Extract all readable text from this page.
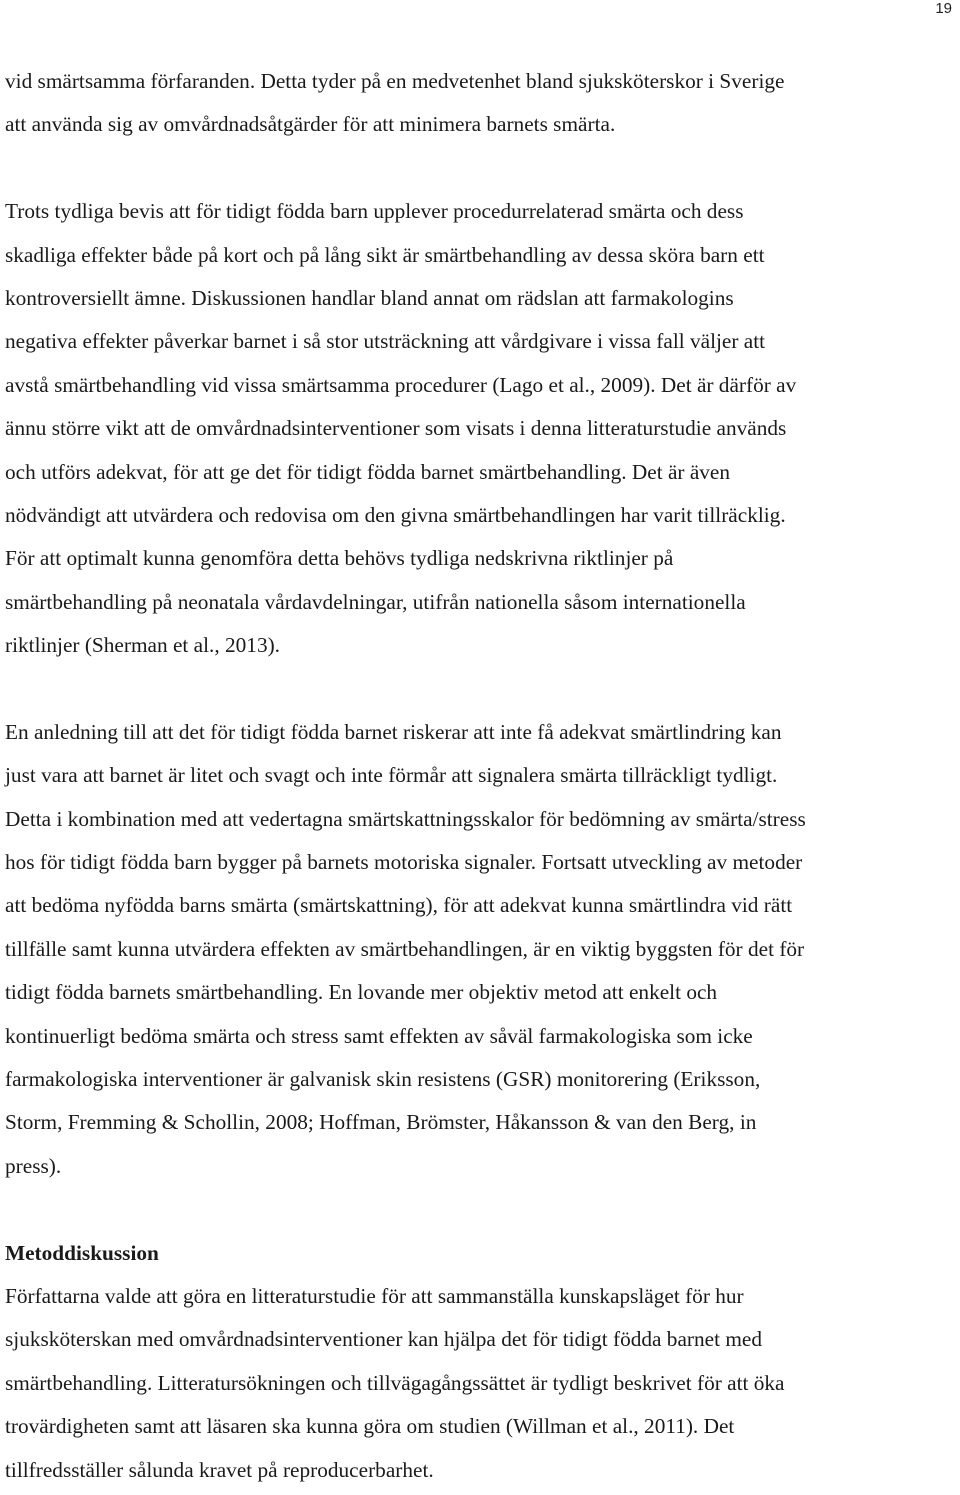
19
vid smärtsamma förfaranden. Detta tyder på en medvetenhet bland sjuksköterskor i Sverige
att använda sig av omvårdnadsåtgärder för att minimera barnets smärta.
Trots tydliga bevis att för tidigt födda barn upplever procedurrelaterad smärta och dess
skadliga effekter både på kort och på lång sikt är smärtbehandling av dessa sköra barn ett
kontroversiellt ämne. Diskussionen handlar bland annat om rädslan att farmakologins
negativa effekter påverkar barnet i så stor utsträckning att vårdgivare i vissa fall väljer att
avstå smärtbehandling vid vissa smärtsamma procedurer (Lago et al., 2009). Det är därför av
ännu större vikt att de omvårdnadsinterventioner som visats i denna litteraturstudie används
och utförs adekvat, för att ge det för tidigt födda barnet smärtbehandling. Det är även
nödvändigt att utvärdera och redovisa om den givna smärtbehandlingen har varit tillräcklig.
För att optimalt kunna genomföra detta behövs tydliga nedskrivna riktlinjer på
smärtbehandling på neonatala vårdavdelningar, utifrån nationella såsom internationella
riktlinjer (Sherman et al., 2013).
En anledning till att det för tidigt födda barnet riskerar att inte få adekvat smärtlindring kan
just vara att barnet är litet och svagt och inte förmår att signalera smärta tillräckligt tydligt.
Detta i kombination med att vedertagna smärtskattningsskalor för bedömning av smärta/stress
hos för tidigt födda barn bygger på barnets motoriska signaler. Fortsatt utveckling av metoder
att bedöma nyfödda barns smärta (smärtskattning), för att adekvat kunna smärtlindra vid rätt
tillfälle samt kunna utvärdera effekten av smärtbehandlingen, är en viktig byggsten för det för
tidigt födda barnets smärtbehandling. En lovande mer objektiv metod att enkelt och
kontinuerligt bedöma smärta och stress samt effekten av såväl farmakologiska som icke
farmakologiska interventioner är galvanisk skin resistens (GSR) monitorering (Eriksson,
Storm, Fremming & Schollin, 2008; Hoffman, Brömster, Håkansson & van den Berg, in
press).
Metoddiskussion
Författarna valde att göra en litteraturstudie för att sammanställa kunskapsläget för hur
sjuksköterskan med omvårdnadsinterventioner kan hjälpa det för tidigt födda barnet med
smärtbehandling. Litteratursökningen och tillvägagångssättet är tydligt beskrivet för att öka
trovärdigheten samt att läsaren ska kunna göra om studien (Willman et al., 2011). Det
tillfredsställer sålunda kravet på reproducerbarhet.
